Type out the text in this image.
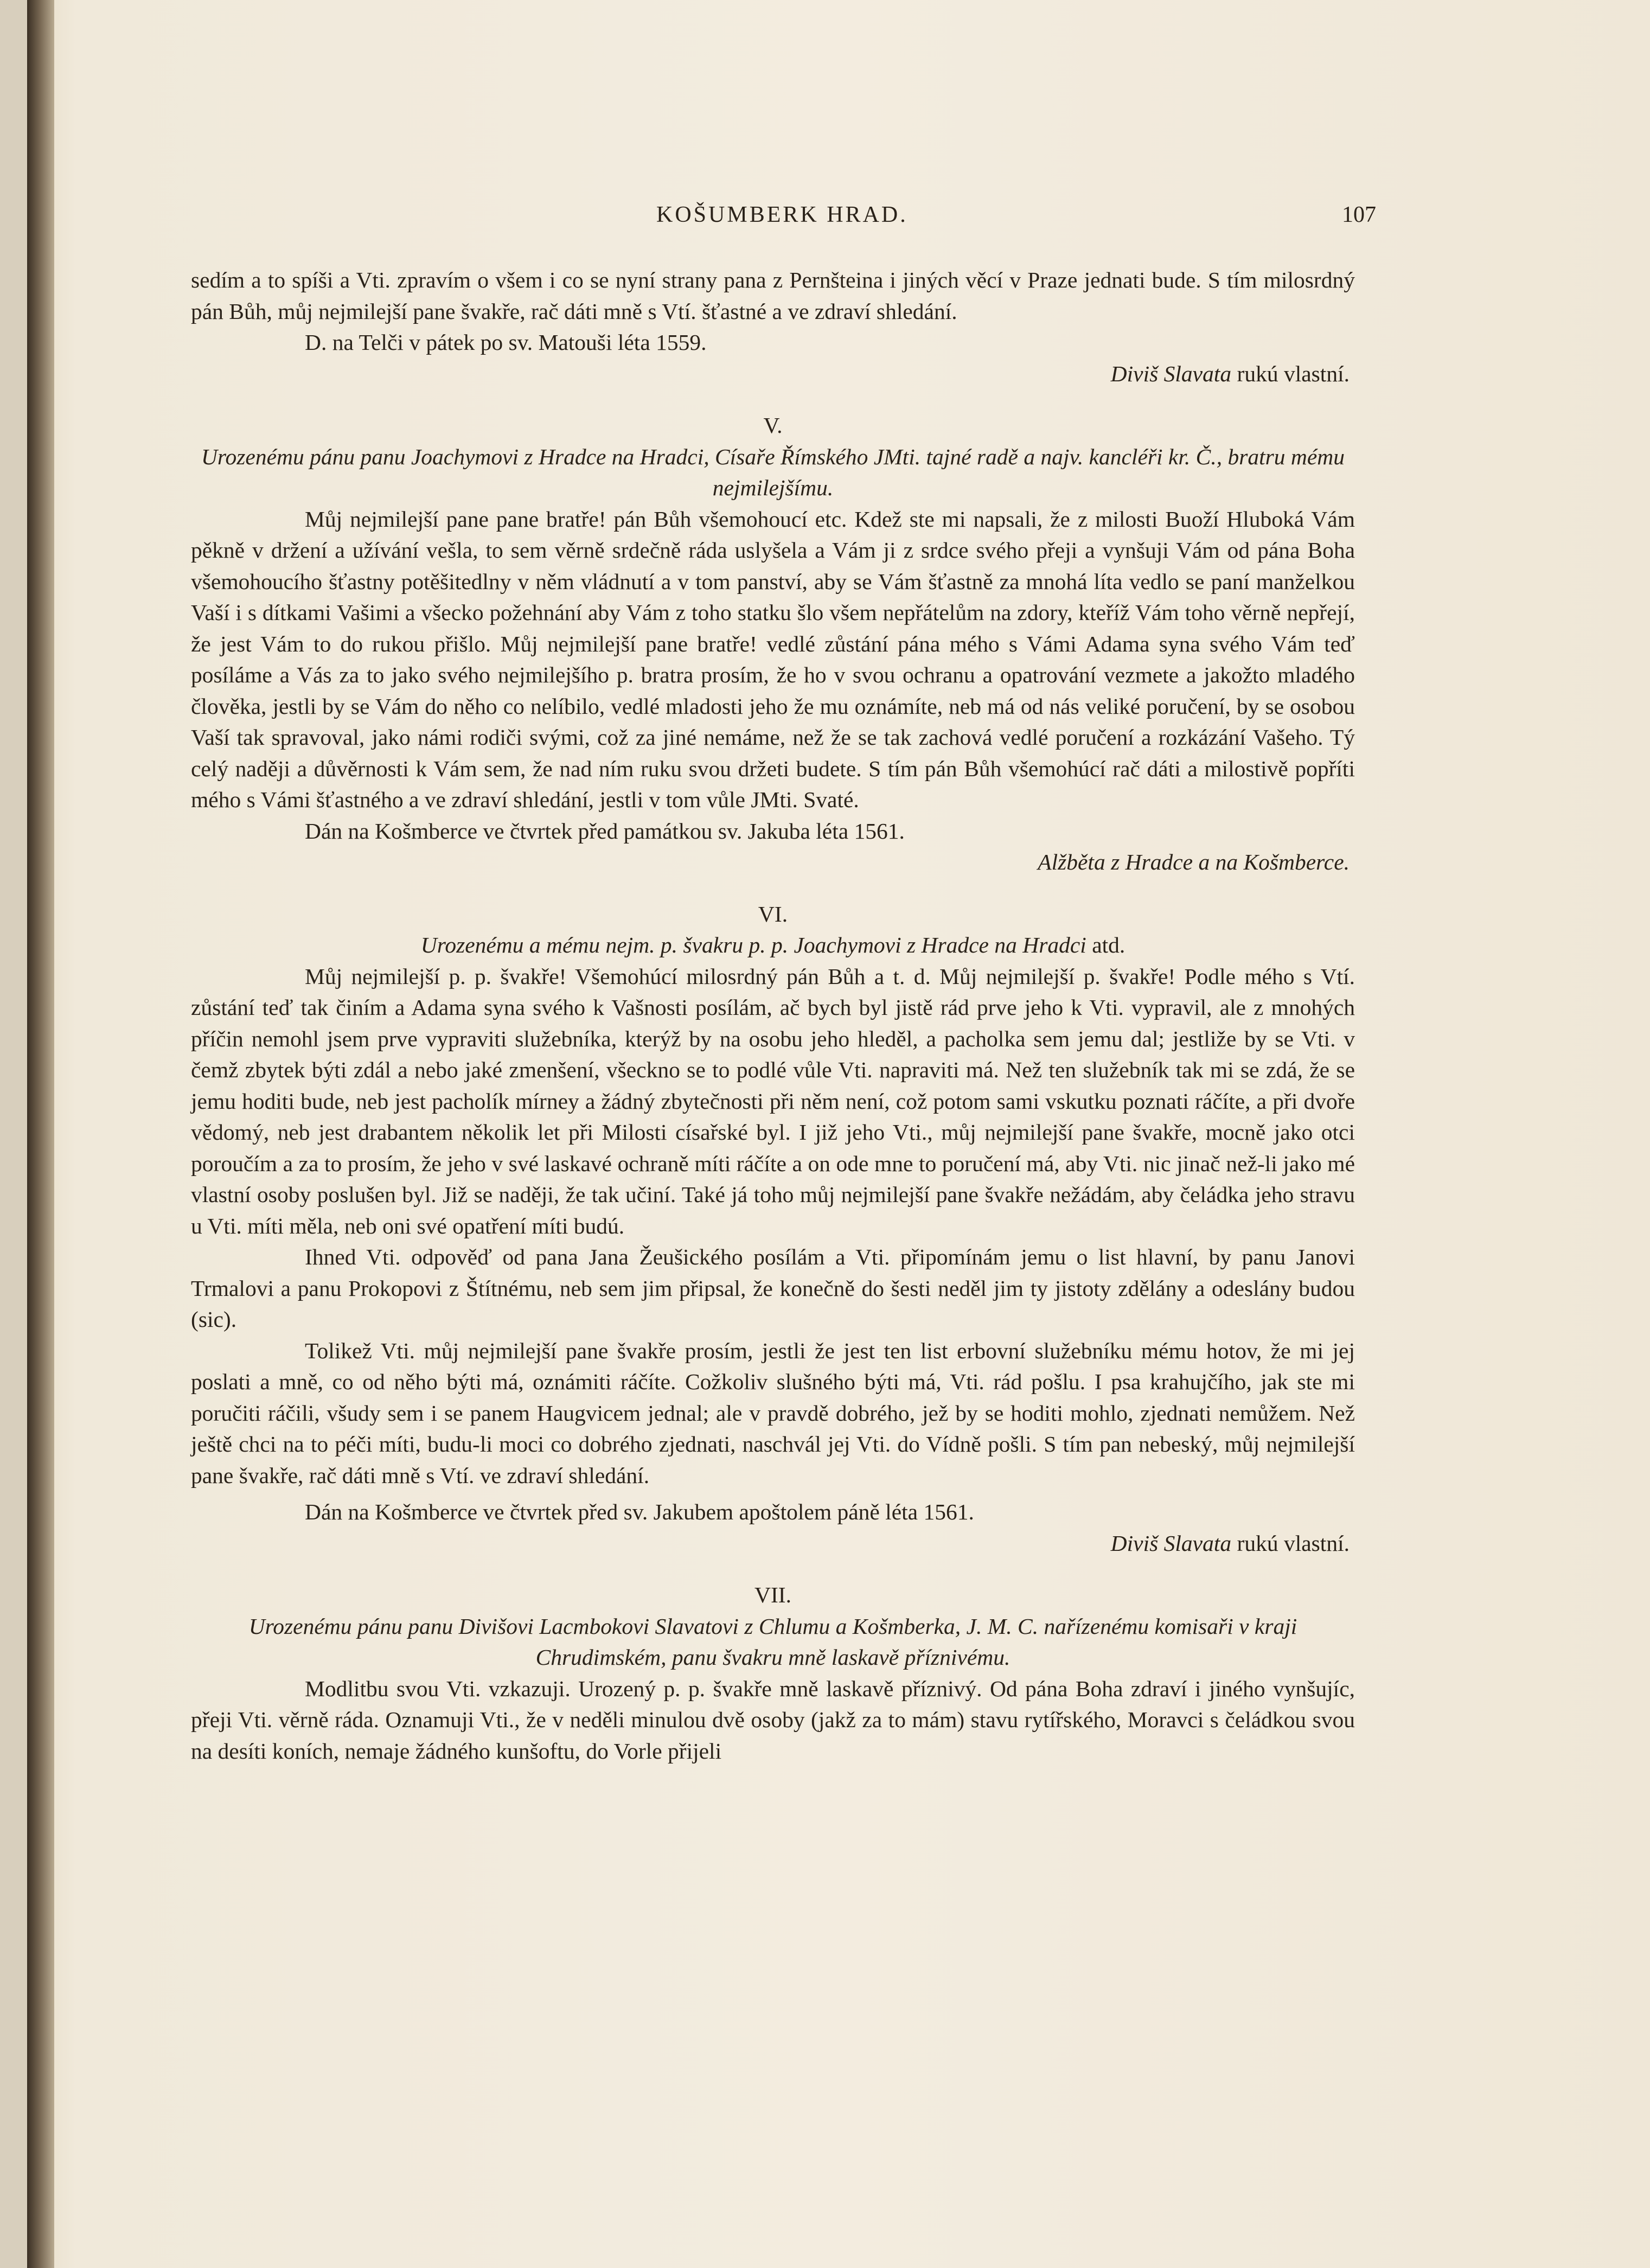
KOŠUMBERK HRAD.	107

sedím a to spíši a Vti. zpravím o všem i co se nyní strany pana z Pernšteina i jiných věcí v Praze jednati bude. S tím milosrdný pán Bůh, můj nejmilejší pane švakře, rač dáti mně s Vtí. šťastné a ve zdraví shledání.

D. na Telči v pátek po sv. Matouši léta 1559.

Diviš Slavata rukú vlastní.

V.

Urozenému pánu panu Joachymovi z Hradce na Hradci, Císaře Římského JMti. tajné radě a najv. kancléři kr. Č., bratru mému nejmilejšímu.

Můj nejmilejší pane pane bratře! pán Bůh všemohoucí etc. Kdež ste mi napsali, že z milosti Buoží Hluboká Vám pěkně v držení a užívání vešla, to sem věrně srdečně ráda uslyšela a Vám ji z srdce svého přeji a vynšuji Vám od pána Boha všemohoucího šťastny potěšitedlny v něm vládnutí a v tom panství, aby se Vám šťastně za mnohá líta vedlo se paní manželkou Vaší i s dítkami Vašimi a všecko požehnání aby Vám z toho statku šlo všem nepřátelům na zdory, kteříž Vám toho věrně nepřejí, že jest Vám to do rukou přišlo. Můj nejmilejší pane bratře! vedlé zůstání pána mého s Vámi Adama syna svého Vám teď posíláme a Vás za to jako svého nejmilejšího p. bratra prosím, že ho v svou ochranu a opatrování vezmete a jakožto mladého člověka, jestli by se Vám do něho co nelíbilo, vedlé mladosti jeho že mu oznámíte, neb má od nás veliké poručení, by se osobou Vaší tak spravoval, jako námi rodiči svými, což za jiné nemáme, než že se tak zachová vedlé poručení a rozkázání Vašeho. Tý celý naději a důvěrnosti k Vám sem, že nad ním ruku svou držeti budete. S tím pán Bůh všemohúcí rač dáti a milostivě popříti mého s Vámi šťastného a ve zdraví shledání, jestli v tom vůle JMti. Svaté.

Dán na Košmberce ve čtvrtek před památkou sv. Jakuba léta 1561.

Alžběta z Hradce a na Košmberce.

VI.

Urozenému a mému nejm. p. švakru p. p. Joachymovi z Hradce na Hradci atd.

Můj nejmilejší p. p. švakře! Všemohúcí milosrdný pán Bůh a t. d. Můj nejmilejší p. švakře! Podle mého s Vtí. zůstání teď tak činím a Adama syna svého k Vašnosti posílám, ač bych byl jistě rád prve jeho k Vti. vypravil, ale z mnohých příčin nemohl jsem prve vypraviti služebníka, kterýž by na osobu jeho hleděl, a pacholka sem jemu dal; jestliže by se Vti. v čemž zbytek býti zdál a nebo jaké zmenšení, všeckno se to podlé vůle Vti. napraviti má. Než ten služebník tak mi se zdá, že se jemu hoditi bude, neb jest pacholík mírney a žádný zbytečnosti při něm není, což potom sami vskutku poznati ráčíte, a při dvoře vědomý, neb jest drabantem několik let při Milosti císařské byl. I již jeho Vti., můj nejmilejší pane švakře, mocně jako otci poroučím a za to prosím, že jeho v své laskavé ochraně míti ráčíte a on ode mne to poručení má, aby Vti. nic jinač než-li jako mé vlastní osoby poslušen byl. Již se naději, že tak učiní. Také já toho můj nejmilejší pane švakře nežádám, aby čeládka jeho stravu u Vti. míti měla, neb oni své opatření míti budú.

Ihned Vti. odpověď od pana Jana Žeušického posílám a Vti. připomínám jemu o list hlavní, by panu Janovi Trmalovi a panu Prokopovi z Štítnému, neb sem jim připsal, že konečně do šesti neděl jim ty jistoty zdělány a odeslány budou (sic).

Tolikež Vti. můj nejmilejší pane švakře prosím, jestli že jest ten list erbovní služebníku mému hotov, že mi jej poslati a mně, co od něho býti má, oznámiti ráčíte. Cožkoliv slušného býti má, Vti. rád pošlu. I psa krahujčího, jak ste mi poručiti ráčili, všudy sem i se panem Haugvicem jednal; ale v pravdě dobrého, jež by se hoditi mohlo, zjednati nemůžem. Než ještě chci na to péči míti, budu-li moci co dobrého zjednati, naschvál jej Vti. do Vídně pošli. S tím pan nebeský, můj nejmilejší pane švakře, rač dáti mně s Vtí. ve zdraví shledání.

Dán na Košmberce ve čtvrtek před sv. Jakubem apoštolem páně léta 1561.

Diviš Slavata rukú vlastní.

VII.

Urozenému pánu panu Divišovi Lacmbokovi Slavatovi z Chlumu a Košmberka, J. M. C. nařízenému komisaři v kraji Chrudimském, panu švakru mně laskavě příznivému.

Modlitbu svou Vti. vzkazuji. Urozený p. p. švakře mně laskavě příznivý. Od pána Boha zdraví i jiného vynšujíc, přeji Vti. věrně ráda. Oznamuji Vti., že v neděli minulou dvě osoby (jakž za to mám) stavu rytířského, Moravci s čeládkou svou na desíti koních, nemaje žádného kunšoftu, do Vorle přijeli
